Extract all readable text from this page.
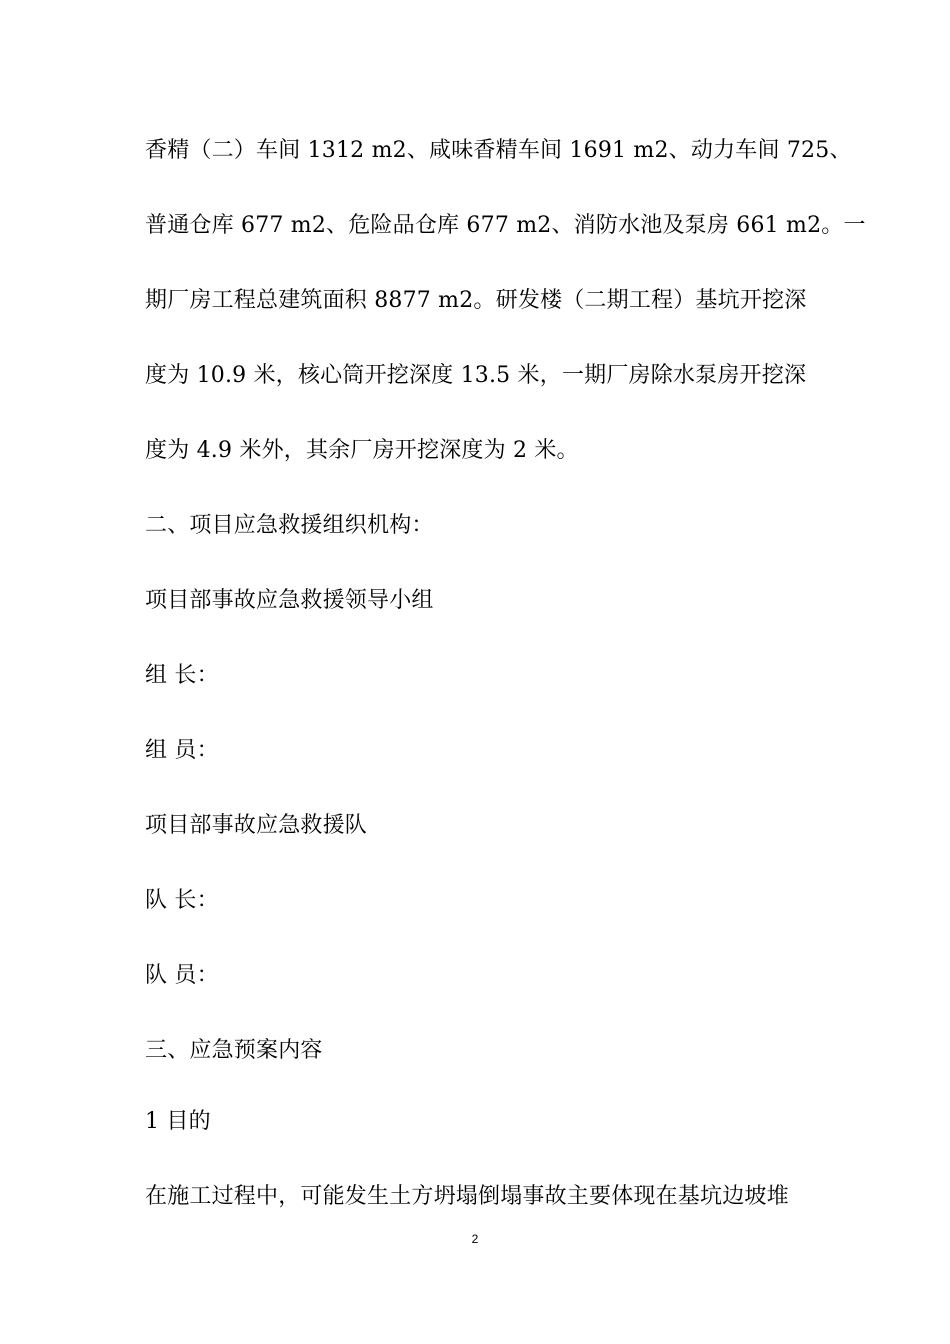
香精（二）车间 1312 m2、咸味香精车间 1691 m2、动力车间 725、
普通仓库 677 m2、危险品仓库 677 m2、消防水池及泵房 661 m2。一
期厂房工程总建筑面积 8877 m2。研发楼（二期工程）基坑开挖深
度为 10.9 米，核心筒开挖深度 13.5 米，一期厂房除水泵房开挖深
度为 4.9 米外，其余厂房开挖深度为 2 米。
二、项目应急救援组织机构：
项目部事故应急救援领导小组
组 长：
组 员：
项目部事故应急救援队
队 长：
队 员：
三、应急预案内容
1 目的
在施工过程中，可能发生土方坍塌倒塌事故主要体现在基坑边坡堆
2
